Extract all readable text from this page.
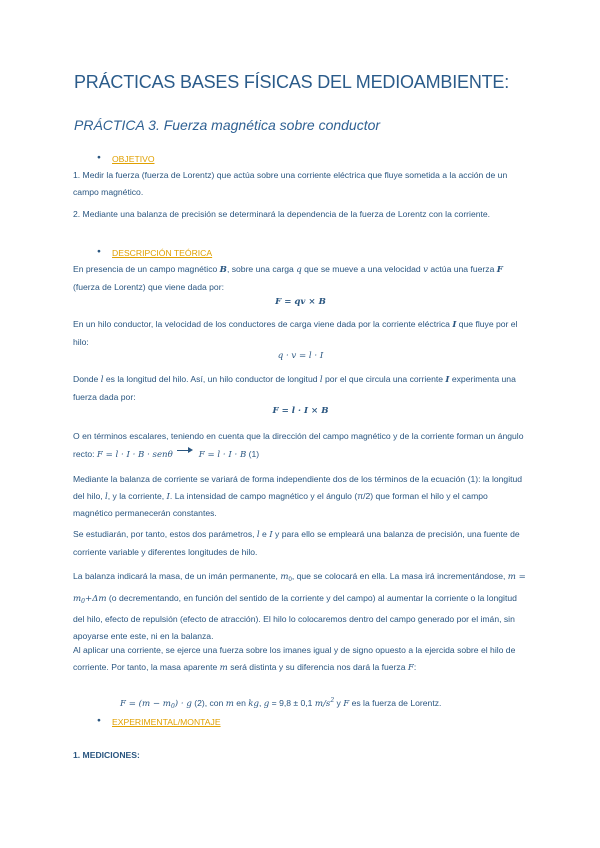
PRÁCTICAS BASES FÍSICAS DEL MEDIOAMBIENTE:
PRÁCTICA 3. Fuerza magnética sobre conductor
● OBJETIVO
1. Medir la fuerza (fuerza de Lorentz) que actúa sobre una corriente eléctrica que fluye sometida a la acción de un campo magnético.
2. Mediante una balanza de precisión se determinará la dependencia de la fuerza de Lorentz con la corriente.
● DESCRIPCIÓN TEÓRICA
En presencia de un campo magnético B, sobre una carga q que se mueve a una velocidad v actúa una fuerza F (fuerza de Lorentz) que viene dada por:
F = qv × B
En un hilo conductor, la velocidad de los conductores de carga viene dada por la corriente eléctrica I que fluye por el hilo:
q · v = l · I
Donde l es la longitud del hilo. Así, un hilo conductor de longitud l por el que circula una corriente I experimenta una fuerza dada por:
F = l · I × B
O en términos escalares, teniendo en cuenta que la dirección del campo magnético y de la corriente forman un ángulo recto: F = l · I · B · senθ	F = l · I · B (1)
Mediante la balanza de corriente se variará de forma independiente dos de los términos de la ecuación (1): la longitud del hilo, l, y la corriente, I. La intensidad de campo magnético y el ángulo (π/2) que forman el hilo y el campo magnético permanecerán constantes.
Se estudiarán, por tanto, estos dos parámetros, l e I y para ello se empleará una balanza de precisión, una fuente de corriente variable y diferentes longitudes de hilo.
La balanza indicará la masa, de un imán permanente, $m_0$, que se colocará en ella. La masa irá incrementándose, $m = m_0+\Delta m$ (o decrementando, en función del sentido de la corriente y del campo) al aumentar la corriente o la longitud del hilo, efecto de repulsión (efecto de atracción). El hilo lo colocaremos dentro del campo generado por el imán, sin apoyarse ente este, ni en la balanza.
Al aplicar una corriente, se ejerce una fuerza sobre los imanes igual y de signo opuesto a la ejercida sobre el hilo de corriente. Por tanto, la masa aparente m será distinta y su diferencia nos dará la fuerza F:
$F = (m - m_0) \cdot g$ (2), con m en kg, g = 9,8 ± 0,1 $m/s^2$ y F es la fuerza de Lorentz.
● EXPERIMENTAL/MONTAJE
1. MEDICIONES:
